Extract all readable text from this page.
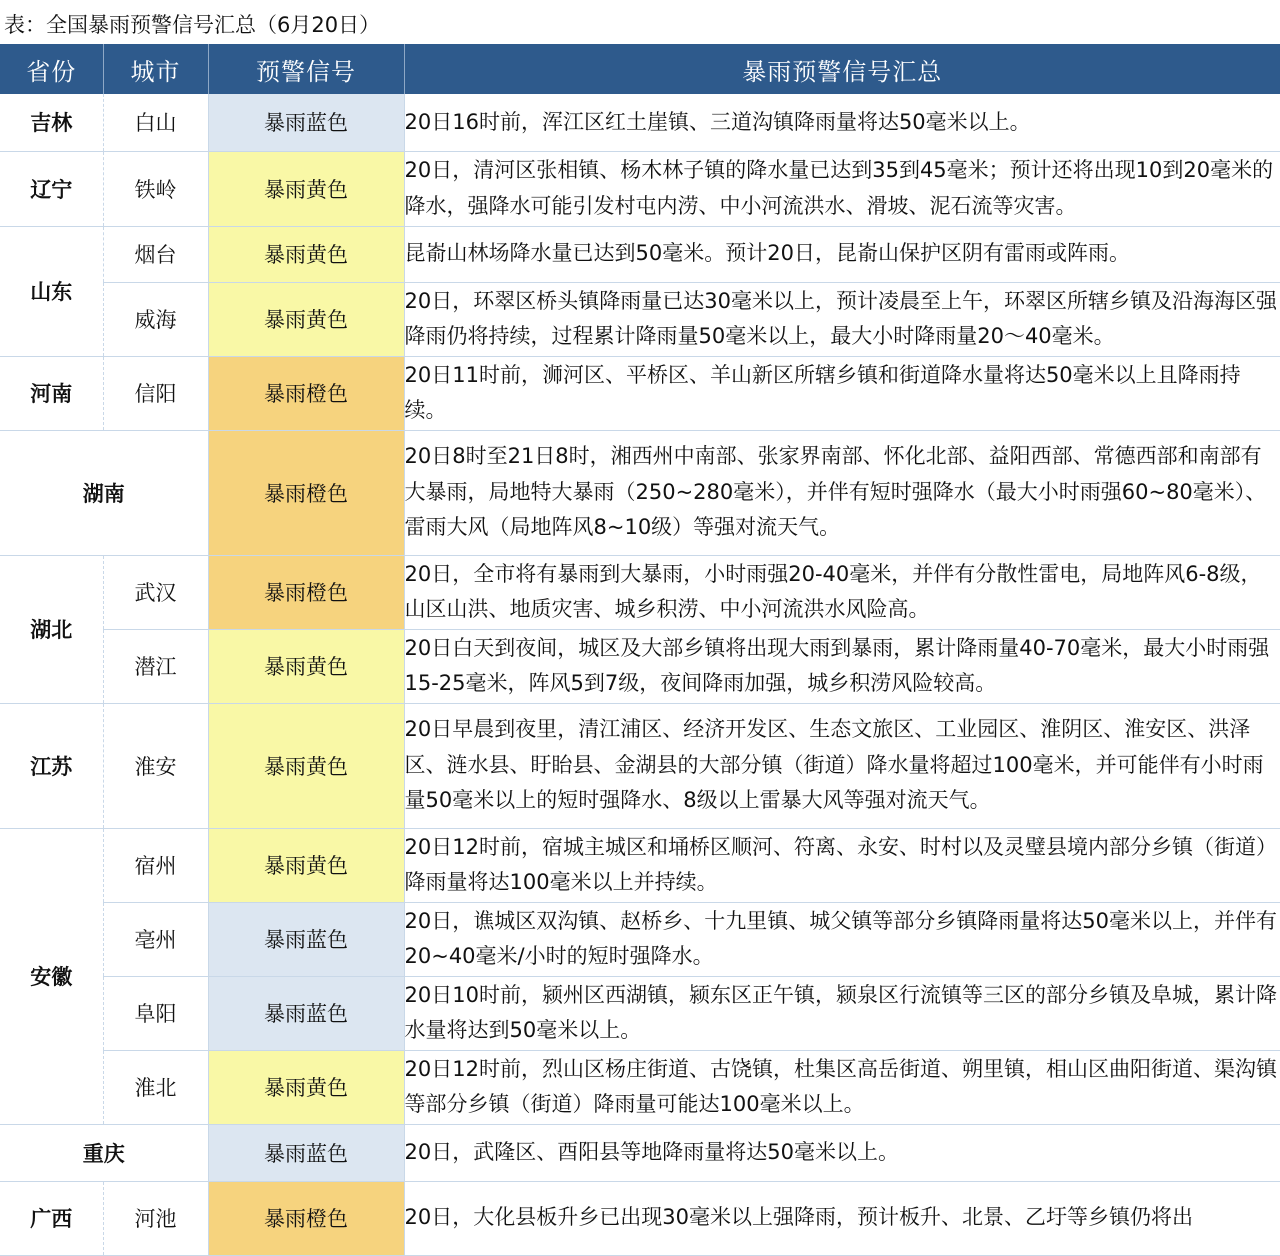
表：全国暴雨预警信号汇总（6月20日）
省份	城市	预警信号	暴雨预警信号汇总
吉林	白山	暴雨蓝色	20日16时前，浑江区红土崖镇、三道沟镇降雨量将达50毫米以上。
辽宁	铁岭	暴雨黄色	20日，清河区张相镇、杨木林子镇的降水量已达到35到45毫米；预计还将出现10到20毫米的降水，强降水可能引发村屯内涝、中小河流洪水、滑坡、泥石流等灾害。
山东	烟台	暴雨黄色	昆嵛山林场降水量已达到50毫米。预计20日，昆嵛山保护区阴有雷雨或阵雨。
	威海	暴雨黄色	20日，环翠区桥头镇降雨量已达30毫米以上，预计凌晨至上午，环翠区所辖乡镇及沿海海区强降雨仍将持续，过程累计降雨量50毫米以上，最大小时降雨量20～40毫米。
河南	信阳	暴雨橙色	20日11时前，浉河区、平桥区、羊山新区所辖乡镇和街道降水量将达50毫米以上且降雨持续。
湖南		暴雨橙色	20日8时至21日8时，湘西州中南部、张家界南部、怀化北部、益阳西部、常德西部和南部有大暴雨，局地特大暴雨（250~280毫米），并伴有短时强降水（最大小时雨强60~80毫米）、雷雨大风（局地阵风8~10级）等强对流天气。
湖北	武汉	暴雨橙色	20日，全市将有暴雨到大暴雨，小时雨强20-40毫米，并伴有分散性雷电，局地阵风6-8级，山区山洪、地质灾害、城乡积涝、中小河流洪水风险高。
	潜江	暴雨黄色	20日白天到夜间，城区及大部乡镇将出现大雨到暴雨，累计降雨量40-70毫米，最大小时雨强15-25毫米，阵风5到7级，夜间降雨加强，城乡积涝风险较高。
江苏	淮安	暴雨黄色	20日早晨到夜里，清江浦区、经济开发区、生态文旅区、工业园区、淮阴区、淮安区、洪泽区、涟水县、盱眙县、金湖县的大部分镇（街道）降水量将超过100毫米，并可能伴有小时雨量50毫米以上的短时强降水、8级以上雷暴大风等强对流天气。
安徽	宿州	暴雨黄色	20日12时前，宿城主城区和埇桥区顺河、符离、永安、时村以及灵璧县境内部分乡镇（街道）降雨量将达100毫米以上并持续。
	亳州	暴雨蓝色	20日，谯城区双沟镇、赵桥乡、十九里镇、城父镇等部分乡镇降雨量将达50毫米以上，并伴有20~40毫米/小时的短时强降水。
	阜阳	暴雨蓝色	20日10时前，颍州区西湖镇，颍东区正午镇，颍泉区行流镇等三区的部分乡镇及阜城，累计降水量将达到50毫米以上。
	淮北	暴雨黄色	20日12时前，烈山区杨庄街道、古饶镇，杜集区高岳街道、朔里镇，相山区曲阳街道、渠沟镇等部分乡镇（街道）降雨量可能达100毫米以上。
重庆		暴雨蓝色	20日，武隆区、酉阳县等地降雨量将达50毫米以上。
广西	河池	暴雨橙色	20日，大化县板升乡已出现30毫米以上强降雨，预计板升、北景、乙圩等乡镇仍将出
